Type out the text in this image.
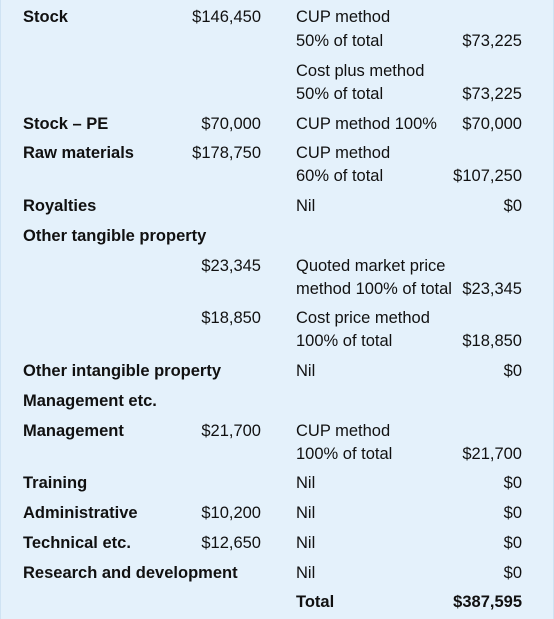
Stock	$146,450 CUP method
50% of total	$73,225
Cost plus method
50% of total	$73,225
Stock – PE	$70,000 CUP method 100% $70,000
Raw materials	$178,750 CUP method
60% of total	$107,250
Royalties	Nil	$0
Other tangible property
$23,345 Quoted market price
method 100% of total $23,345
$18,850 Cost price method
100% of total	$18,850
Other intangible property	Nil	$0
Management etc.
Management	$21,700 CUP method
100% of total	$21,700
Training	Nil	$0
Administrative	$10,200 Nil	$0
Technical etc.	$12,650 Nil	$0
Research and development	Nil	$0
Total	$387,595
